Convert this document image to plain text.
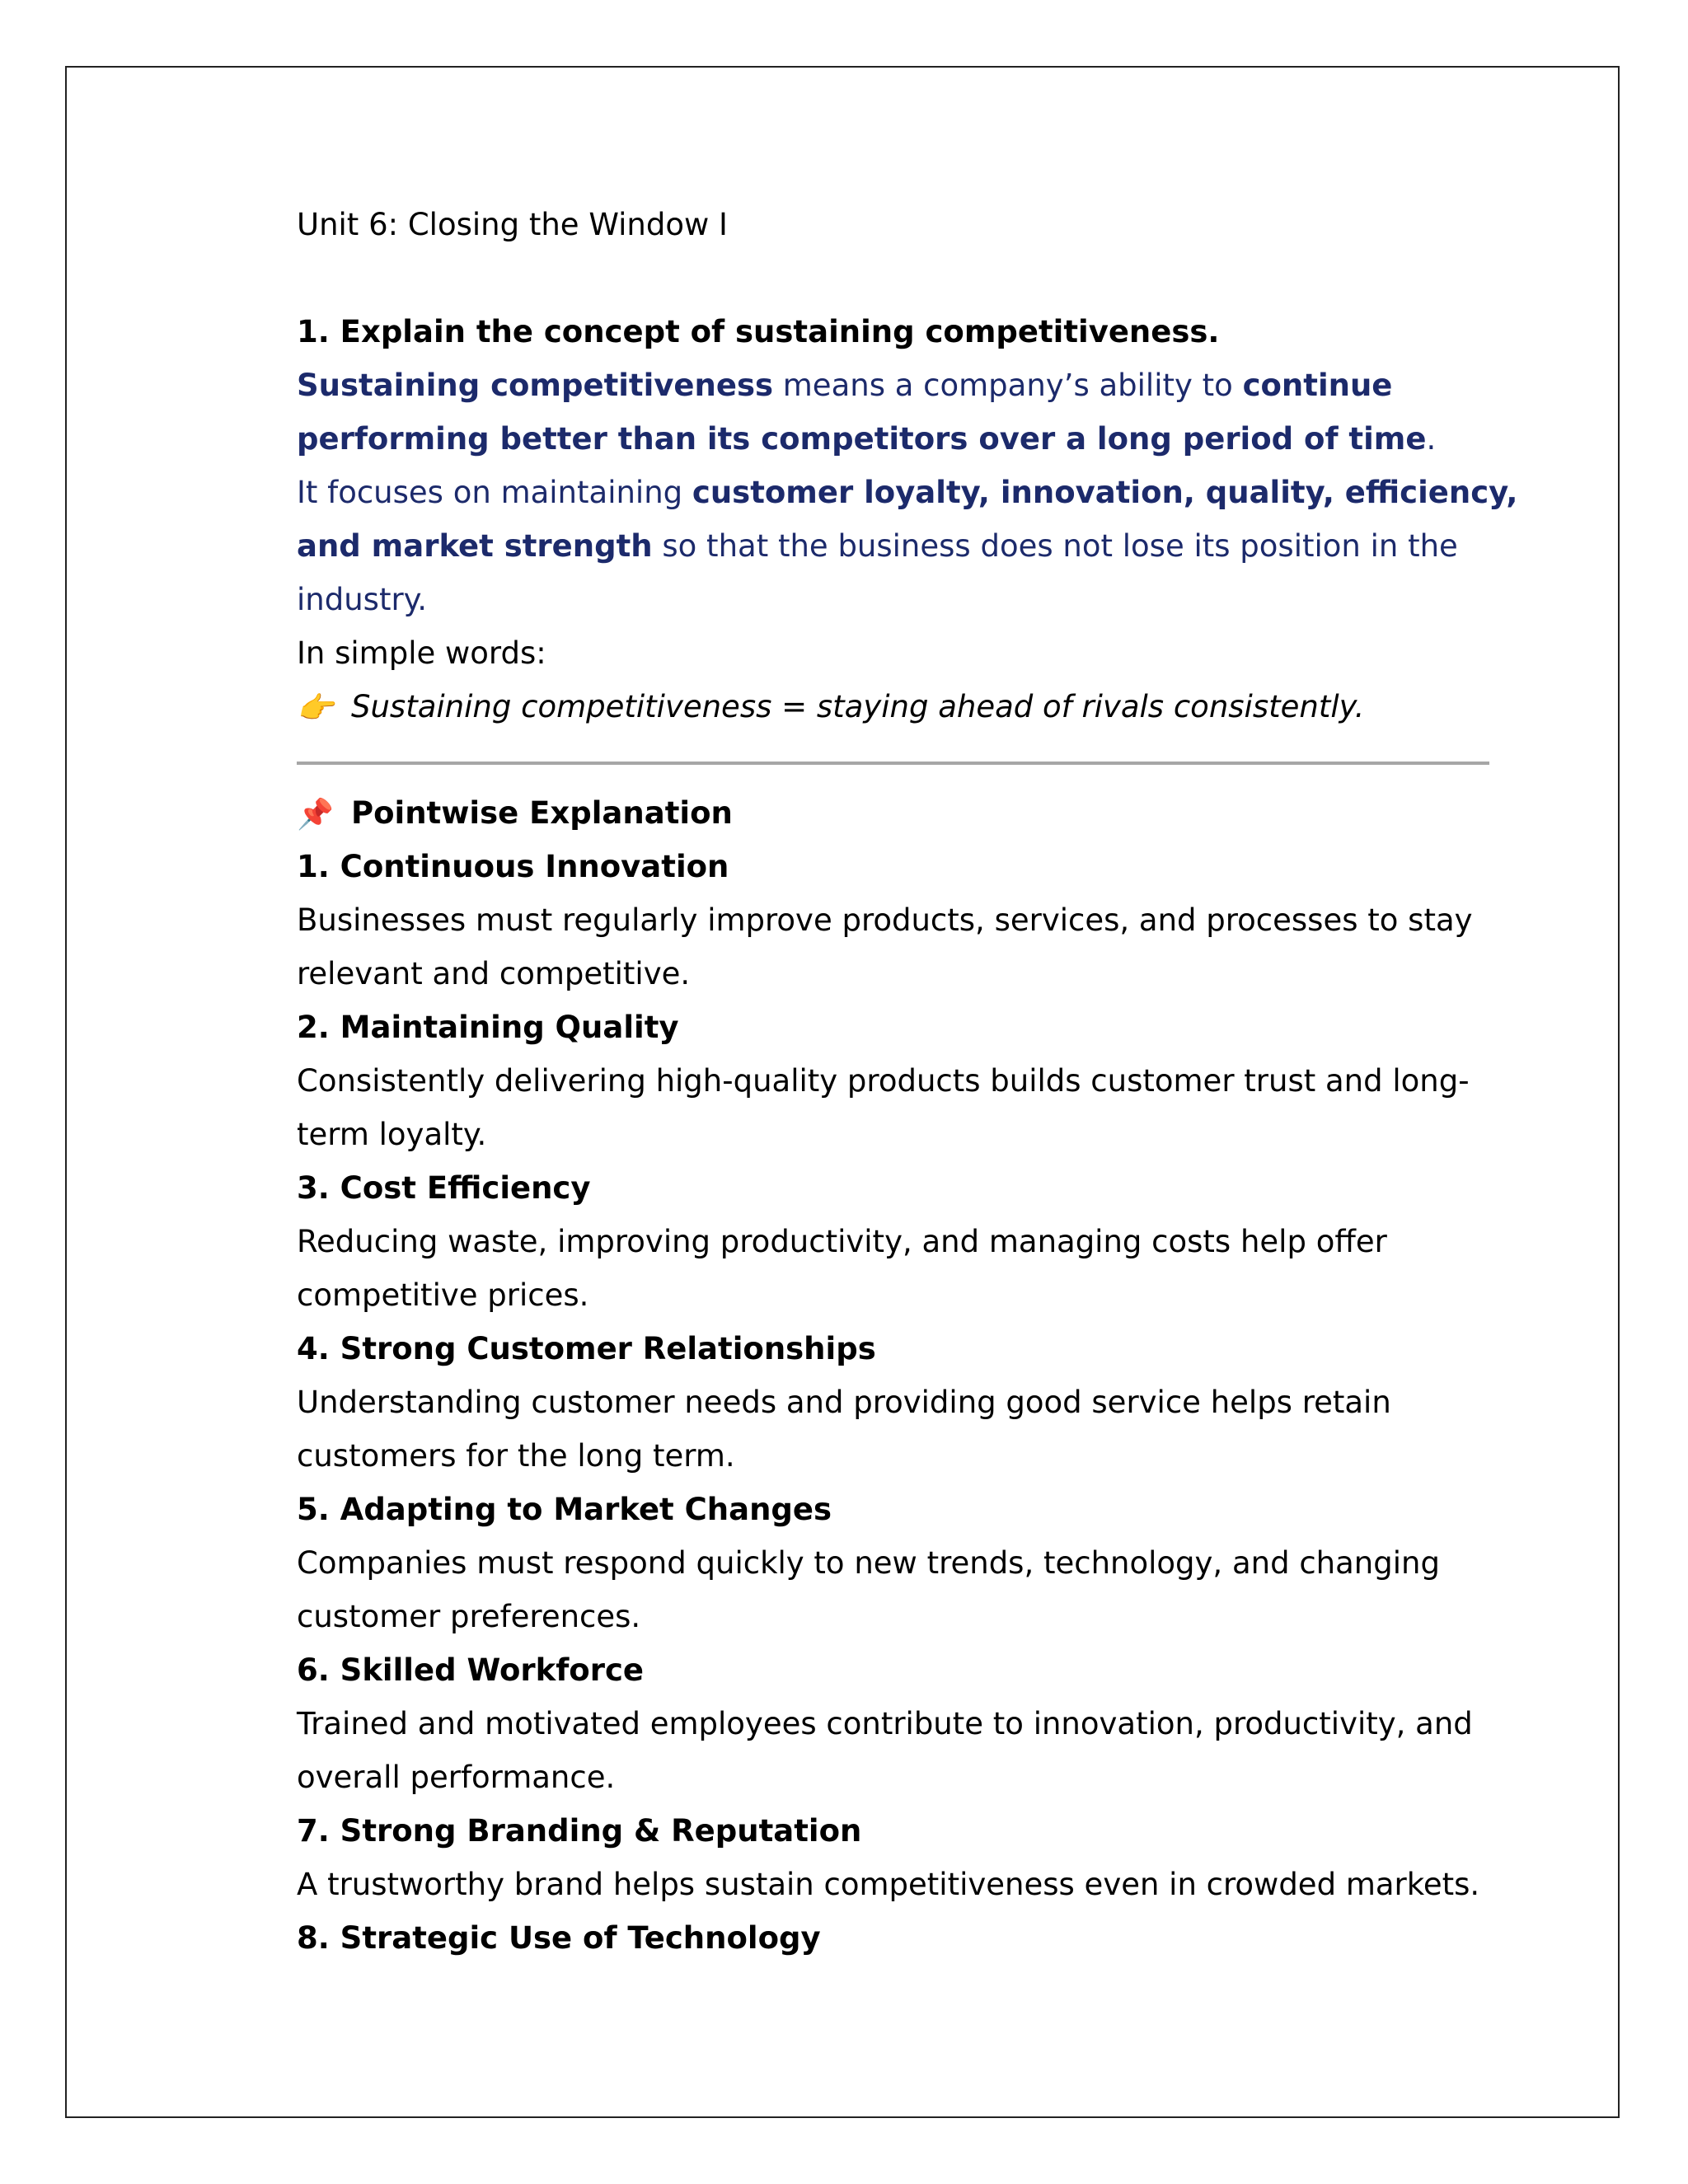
Unit 6: Closing the Window I
1. Explain the concept of sustaining competitiveness.
Sustaining competitiveness means a company’s ability to continue
performing better than its competitors over a long period of time.
It focuses on maintaining customer loyalty, innovation, quality, efficiency,
and market strength so that the business does not lose its position in the
industry.
In simple words:
👉 Sustaining competitiveness = staying ahead of rivals consistently.
📌 Pointwise Explanation
1. Continuous Innovation
Businesses must regularly improve products, services, and processes to stay
relevant and competitive.
2. Maintaining Quality
Consistently delivering high-quality products builds customer trust and long-
term loyalty.
3. Cost Efficiency
Reducing waste, improving productivity, and managing costs help offer
competitive prices.
4. Strong Customer Relationships
Understanding customer needs and providing good service helps retain
customers for the long term.
5. Adapting to Market Changes
Companies must respond quickly to new trends, technology, and changing
customer preferences.
6. Skilled Workforce
Trained and motivated employees contribute to innovation, productivity, and
overall performance.
7. Strong Branding & Reputation
A trustworthy brand helps sustain competitiveness even in crowded markets.
8. Strategic Use of Technology
